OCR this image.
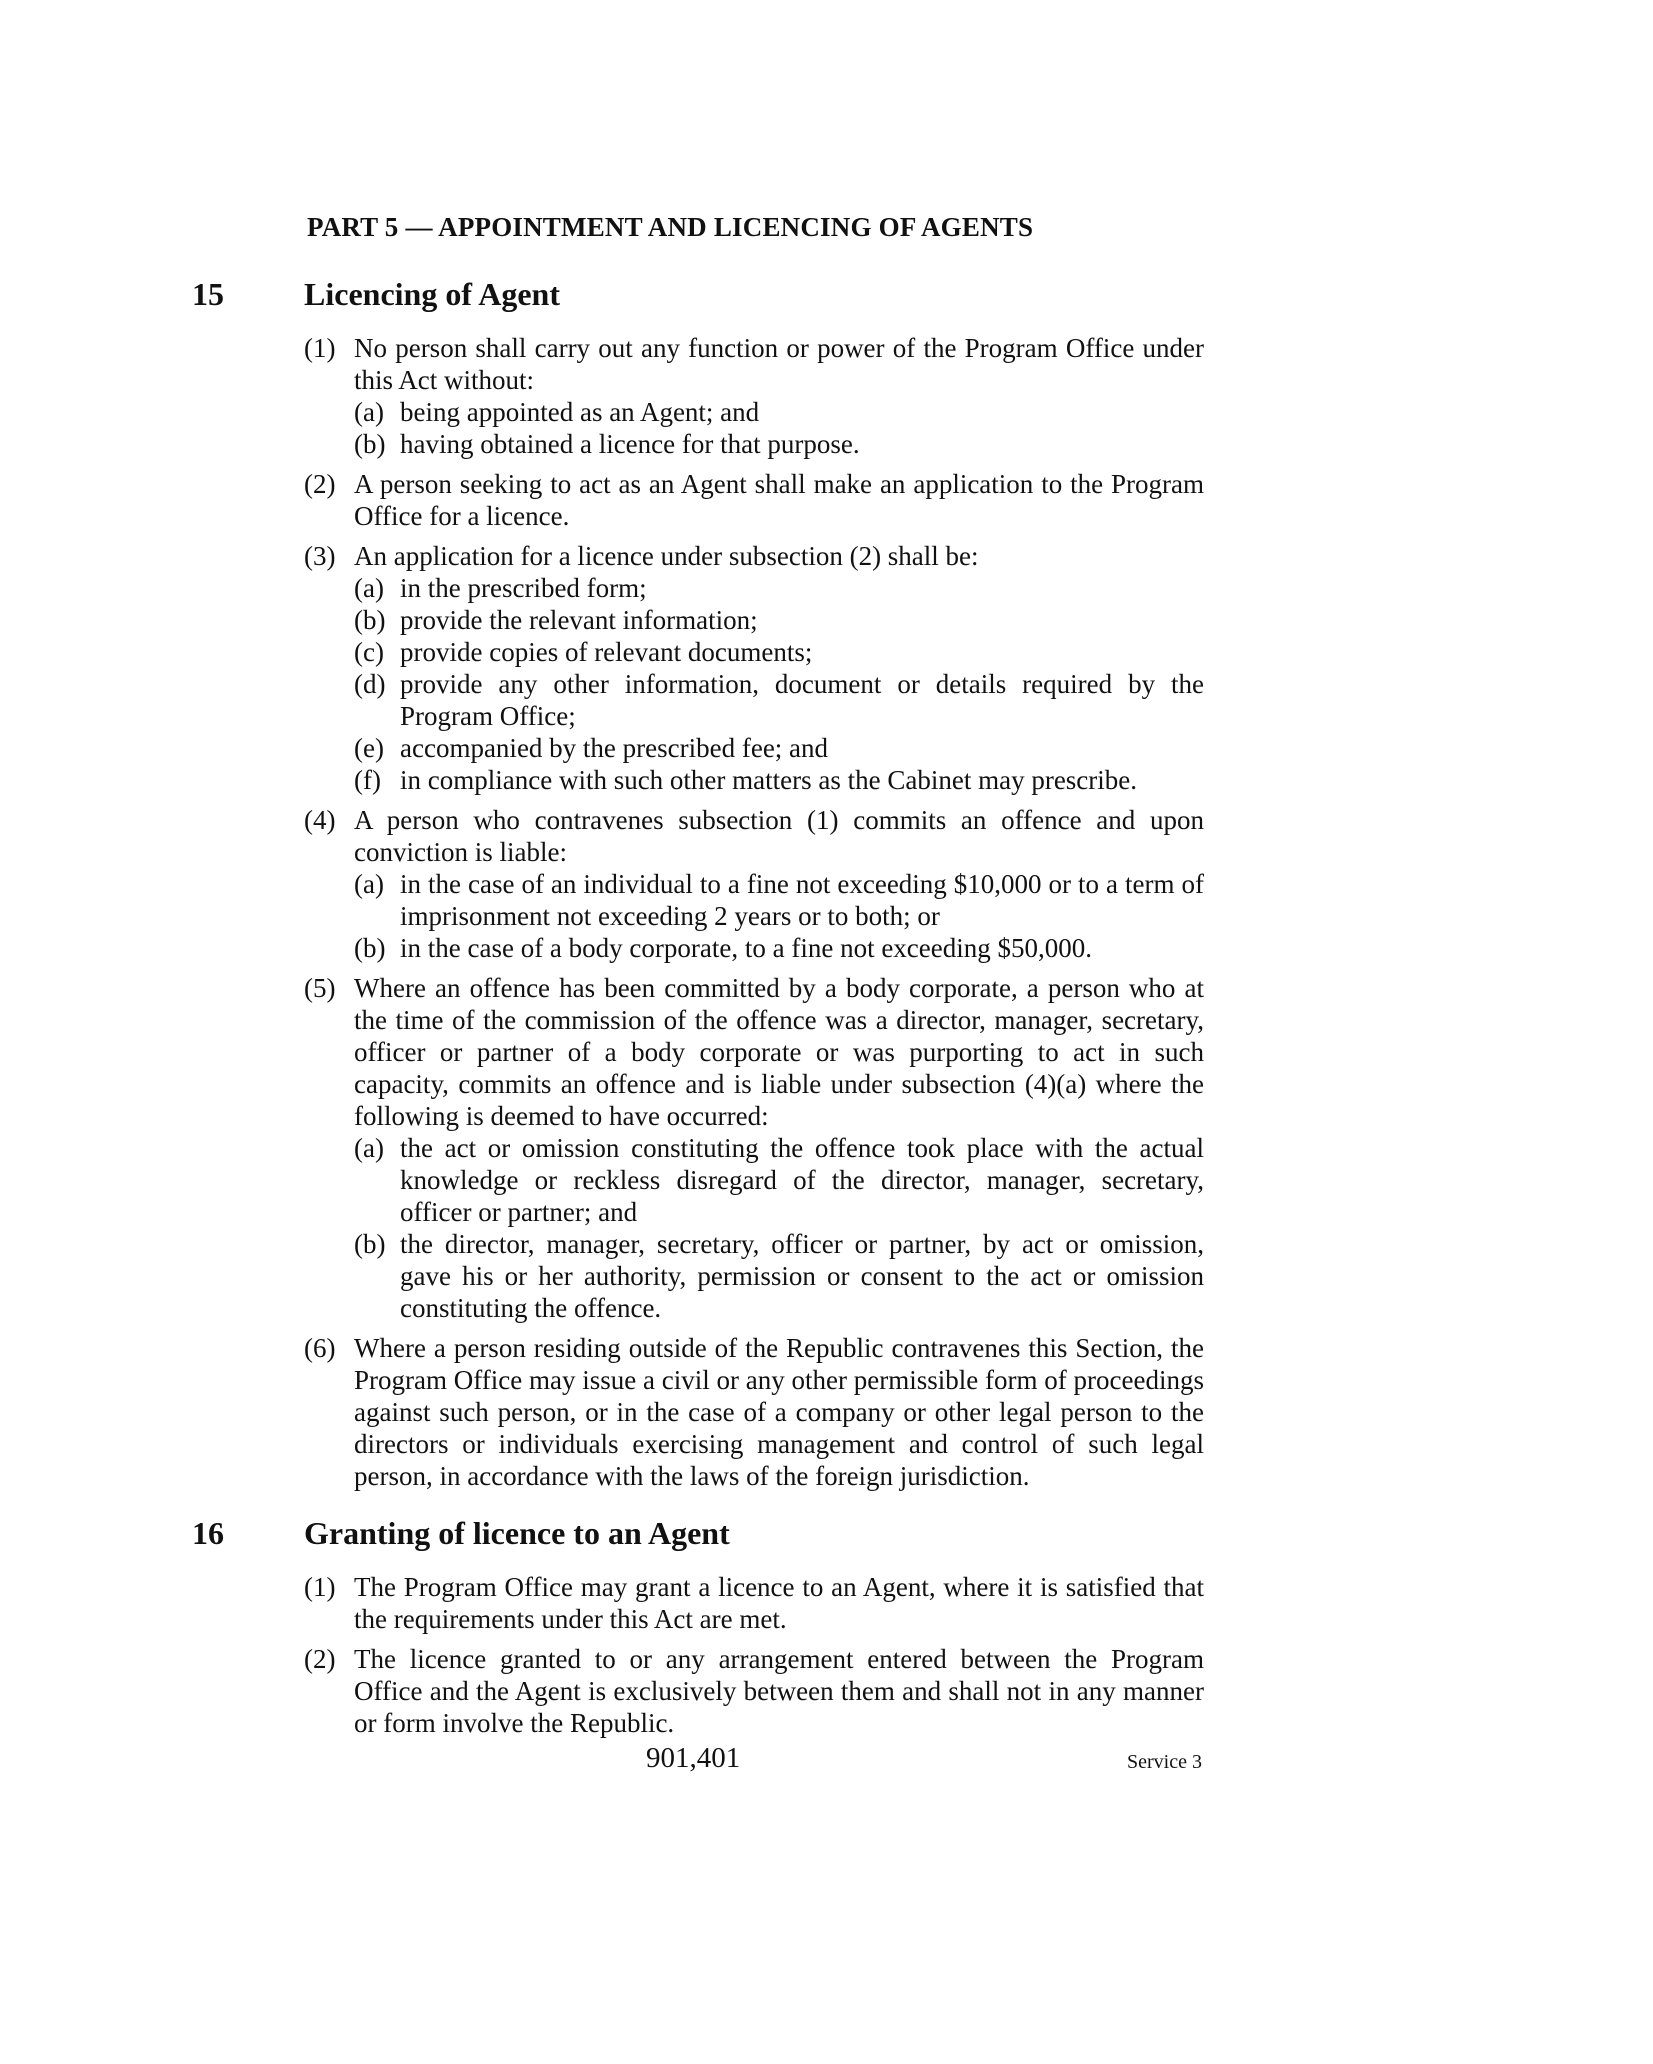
PART 5 — APPOINTMENT AND LICENCING OF AGENTS
15	Licencing of Agent
(1) No person shall carry out any function or power of the Program Office under this Act without:
(a) being appointed as an Agent; and
(b) having obtained a licence for that purpose.
(2) A person seeking to act as an Agent shall make an application to the Program Office for a licence.
(3) An application for a licence under subsection (2) shall be:
(a) in the prescribed form;
(b) provide the relevant information;
(c) provide copies of relevant documents;
(d) provide any other information, document or details required by the Program Office;
(e) accompanied by the prescribed fee; and
(f) in compliance with such other matters as the Cabinet may prescribe.
(4) A person who contravenes subsection (1) commits an offence and upon conviction is liable:
(a) in the case of an individual to a fine not exceeding $10,000 or to a term of imprisonment not exceeding 2 years or to both; or
(b) in the case of a body corporate, to a fine not exceeding $50,000.
(5) Where an offence has been committed by a body corporate, a person who at the time of the commission of the offence was a director, manager, secretary, officer or partner of a body corporate or was purporting to act in such capacity, commits an offence and is liable under subsection (4)(a) where the following is deemed to have occurred:
(a) the act or omission constituting the offence took place with the actual knowledge or reckless disregard of the director, manager, secretary, officer or partner; and
(b) the director, manager, secretary, officer or partner, by act or omission, gave his or her authority, permission or consent to the act or omission constituting the offence.
(6) Where a person residing outside of the Republic contravenes this Section, the Program Office may issue a civil or any other permissible form of proceedings against such person, or in the case of a company or other legal person to the directors or individuals exercising management and control of such legal person, in accordance with the laws of the foreign jurisdiction.
16	Granting of licence to an Agent
(1) The Program Office may grant a licence to an Agent, where it is satisfied that the requirements under this Act are met.
(2) The licence granted to or any arrangement entered between the Program Office and the Agent is exclusively between them and shall not in any manner or form involve the Republic.
901,401	Service 3
